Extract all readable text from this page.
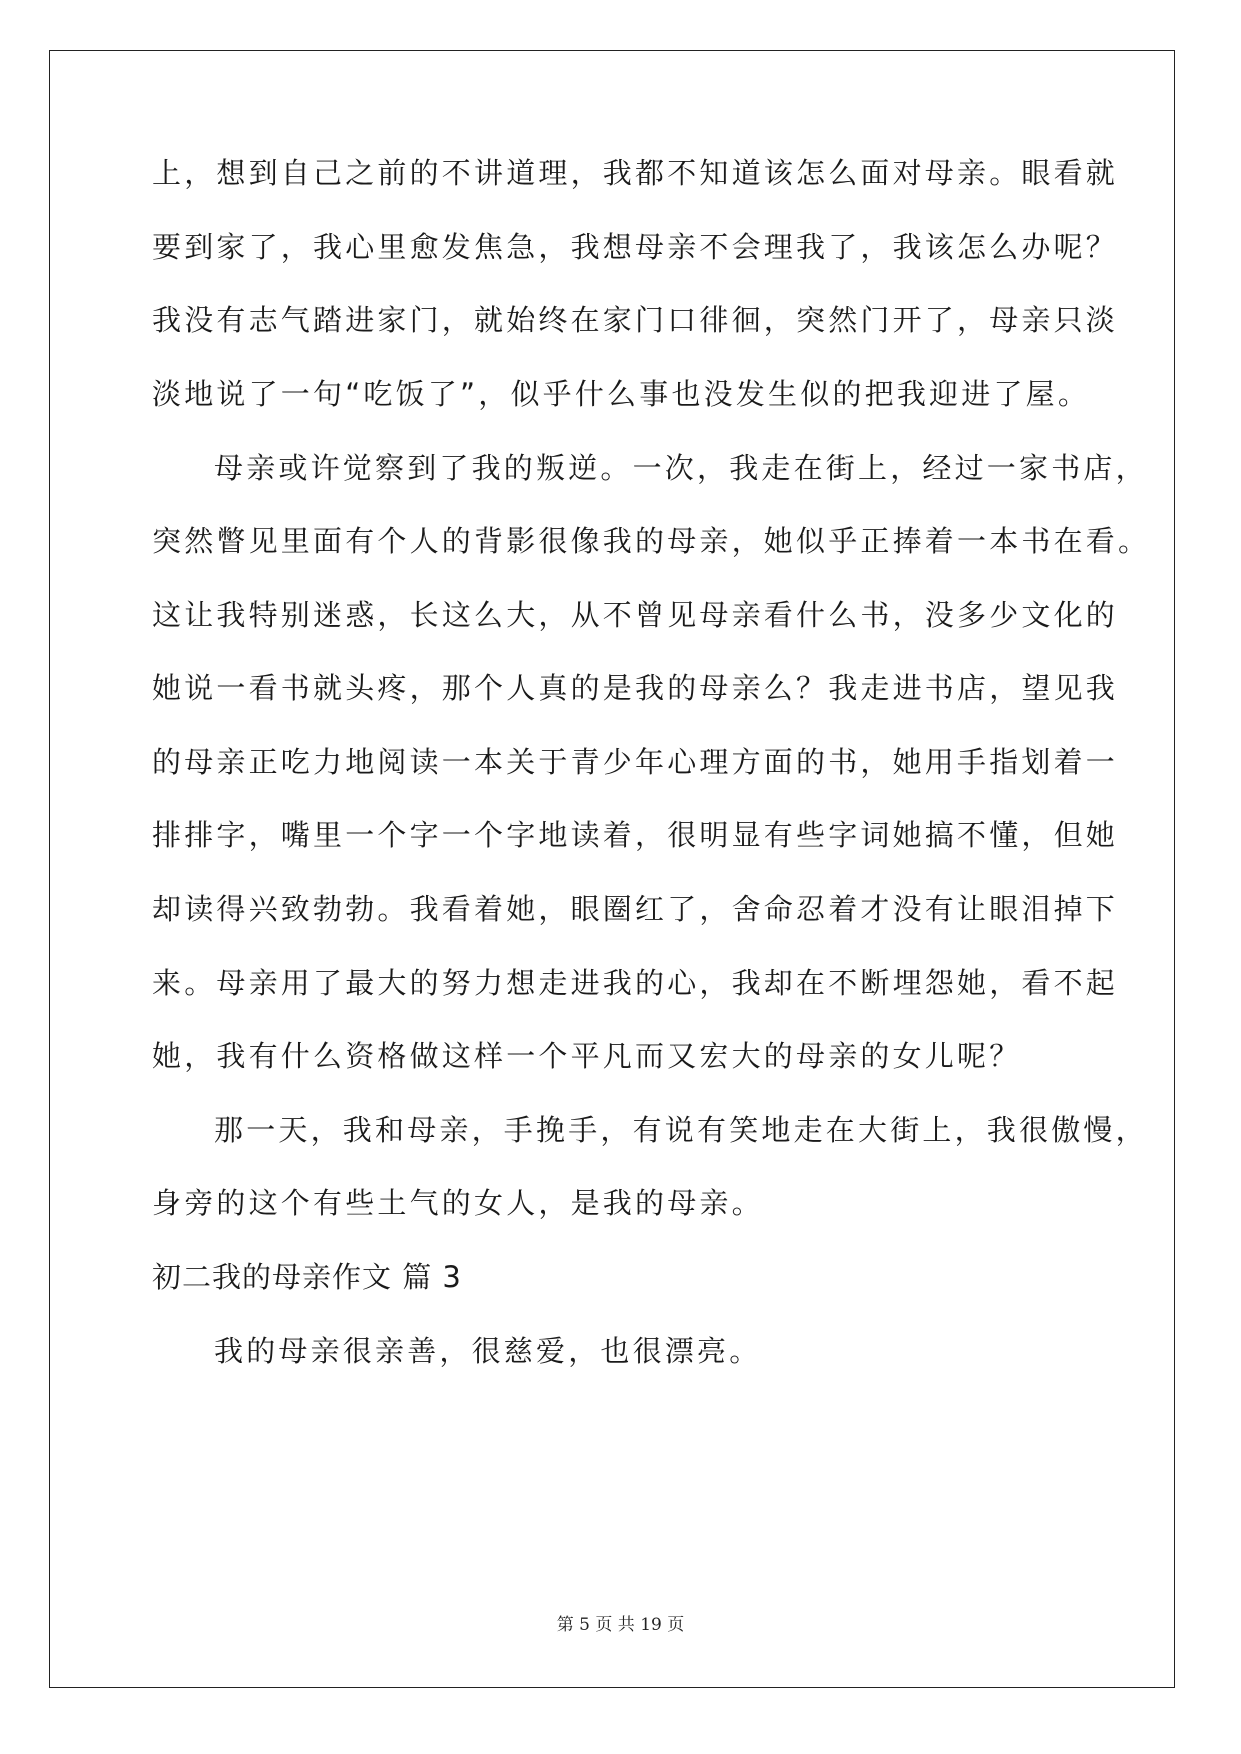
上，想到自己之前的不讲道理，我都不知道该怎么面对母亲。眼看就
要到家了，我心里愈发焦急，我想母亲不会理我了，我该怎么办呢？
我没有志气踏进家门，就始终在家门口徘徊，突然门开了，母亲只淡
淡地说了一句“吃饭了”，似乎什么事也没发生似的把我迎进了屋。
母亲或许觉察到了我的叛逆。一次，我走在街上，经过一家书店，
突然瞥见里面有个人的背影很像我的母亲，她似乎正捧着一本书在看。
这让我特别迷惑，长这么大，从不曾见母亲看什么书，没多少文化的
她说一看书就头疼，那个人真的是我的母亲么？我走进书店，望见我
的母亲正吃力地阅读一本关于青少年心理方面的书，她用手指划着一
排排字，嘴里一个字一个字地读着，很明显有些字词她搞不懂，但她
却读得兴致勃勃。我看着她，眼圈红了，舍命忍着才没有让眼泪掉下
来。母亲用了最大的努力想走进我的心，我却在不断埋怨她，看不起
她，我有什么资格做这样一个平凡而又宏大的母亲的女儿呢？
那一天，我和母亲，手挽手，有说有笑地走在大街上，我很傲慢，
身旁的这个有些土气的女人，是我的母亲。
初二我的母亲作文 篇 3
我的母亲很亲善，很慈爱，也很漂亮。
第 5 页 共 19 页
